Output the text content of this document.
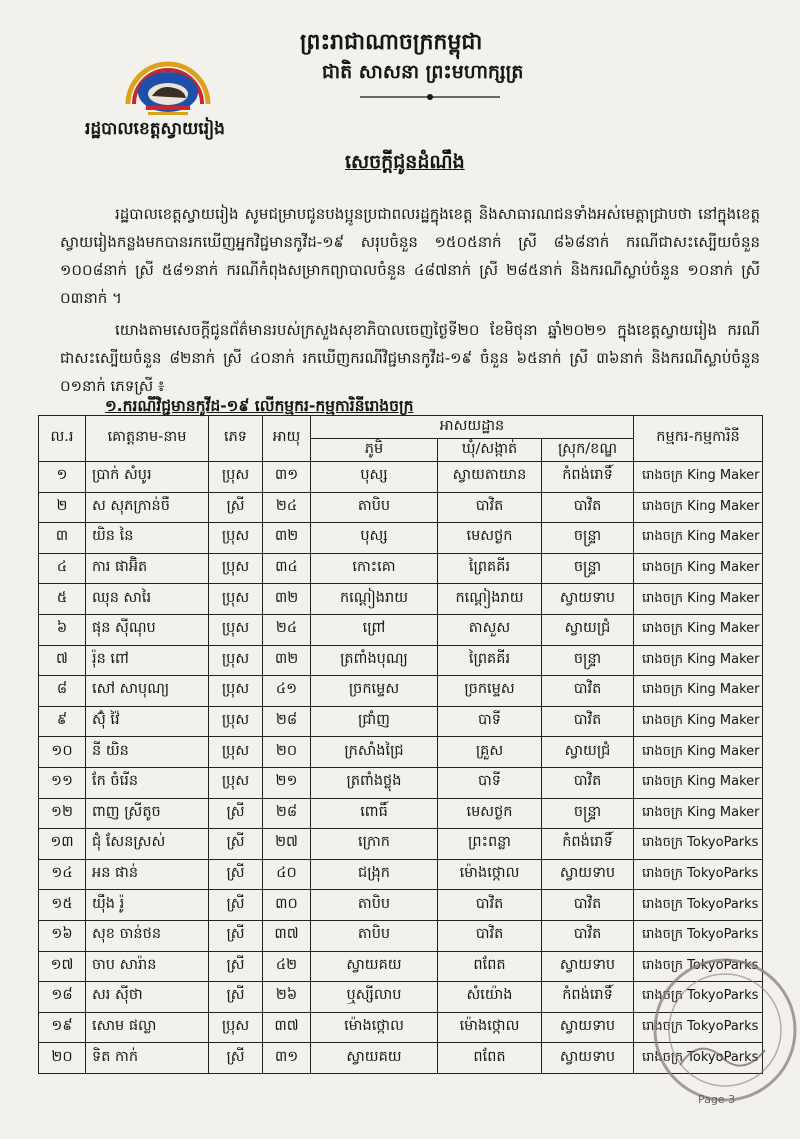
ព្រះរាជាណាចក្រកម្ពុជា
ជាតិ សាសនា ព្រះមហាក្សត្រ
រដ្ឋបាលខេត្តស្វាយរៀង
សេចក្តីជូនដំណឹង
រដ្ឋបាលខេត្តស្វាយរៀង សូមជម្រាបជូនបងប្អូនប្រជាពលរដ្ឋក្នុងខេត្ត និងសាធារណជនទាំងអស់មេត្តាជ្រាបថា នៅក្នុងខេត្តស្វាយរៀងកន្លងមកបានរកឃើញអ្នកវិជ្ជមានកូវីដ-១៩ សរុបចំនួន ១៥០៥នាក់ ស្រី ៨៦៨នាក់ ករណីជាសះស្បើយចំនួន ១០០៨នាក់ ស្រី ៥៨១នាក់ ករណីកំពុងសម្រាកព្យាបាលចំនួន ៤៨៧នាក់ ស្រី ២៨៥នាក់ និងករណីស្លាប់ចំនួន ១០នាក់ ស្រី ០៣នាក់ ។
យោងតាមសេចក្តីជូនព័ត៌មានរបស់ក្រសួងសុខាភិបាលចេញថ្ងៃទី២០ ខែមិថុនា ឆ្នាំ២០២១ ក្នុងខេត្តស្វាយរៀង ករណីជាសះស្បើយចំនួន ៨២នាក់ ស្រី ៤០នាក់ រកឃើញករណីវិជ្ជមានកូវីដ-១៩ ចំនួន ៦៥នាក់ ស្រី ៣៦នាក់ និងករណីស្លាប់ចំនួន ០១នាក់ ភេទស្រី ៖
១.ករណីវិជ្ជមានកូវីដ-១៩ លើកម្មករ-កម្មការិនីរោងចក្រ
ល.រ	គោត្តនាម-នាម	ភេទ	អាយុ	អាសយដ្ឋាន			កម្មករ-កម្មការិនី
				ភូមិ	ឃុំ/សង្កាត់	ស្រុក/ខណ្ឌ	
១	ប្រាក់ សំបូរ	ប្រុស	៣១	បុស្ស	ស្វាយតាយាន	កំពង់រោទិ៍	រោងចក្រ King Maker
២	ស សុភក្រាន់ចឺ	ស្រី	២៤	តាបិប	បាវិត	បាវិត	រោងចក្រ King Maker
៣	យិន នៃ	ប្រុស	៣២	បុស្ស	មេសថ្ងក	ចន្ទ្រា	រោងចក្រ King Maker
៤	ការ ផាអ៊ិត	ប្រុស	៣៤	កោះគោ	ព្រៃគគីរ	ចន្ទ្រា	រោងចក្រ King Maker
៥	ឈុន សារៃ	ប្រុស	៣២	កណ្តៀងរាយ	កណ្តៀងរាយ	ស្វាយទាប	រោងចក្រ King Maker
៦	ផុន ស៊ីណុប	ប្រុស	២៤	ព្រៅ	តាសួស	ស្វាយជ្រំ	រោងចក្រ King Maker
៧	រ៉ុន ពៅ	ប្រុស	៣២	ត្រពាំងបុណ្យ	ព្រៃគគីរ	ចន្ទ្រា	រោងចក្រ King Maker
៨	សៅ សាបុណ្យ	ប្រុស	៤១	ច្រកម្ទេស	ច្រកម្ទេស	បាវិត	រោងចក្រ King Maker
៩	ស៊ុំ វ៉ៃ	ប្រុស	២៨	ជ្រាំញ	បាទី	បាវិត	រោងចក្រ King Maker
១០	នី យិន	ប្រុស	២០	ក្រសាំងជ្រៃ	គ្រួស	ស្វាយជ្រំ	រោងចក្រ King Maker
១១	កែ ចំរើន	ប្រុស	២១	ត្រពាំងថ្លុង	បាទី	បាវិត	រោងចក្រ King Maker
១២	ពាញ ស្រីតូច	ស្រី	២៨	ពោធិ៍	មេសថ្ងក	ចន្ទ្រា	រោងចក្រ King Maker
១៣	ជុំ សែនស្រស់	ស្រី	២៧	ក្រោក	ព្រះពន្លា	កំពង់រោទិ៍	រោងចក្រ TokyoParks
១៤	អន ផាន់	ស្រី	៤០	ជង្រុក	ម៉ោងថ្កោល	ស្វាយទាប	រោងចក្រ TokyoParks
១៥	យ៉ឹង រ៉ូ	ស្រី	៣០	តាបិប	បាវិត	បាវិត	រោងចក្រ TokyoParks
១៦	សុខ ចាន់ថន	ស្រី	៣៧	តាបិប	បាវិត	បាវិត	រោងចក្រ TokyoParks
១៧	ចាប សារ៉ាន	ស្រី	៤២	ស្វាយគយ	ពពែត	ស្វាយទាប	រោងចក្រ TokyoParks
១៨	សរ ស៊ីថា	ស្រី	២៦	ឬស្សីលាប	សំយ៉ោង	កំពង់រោទិ៍	រោងចក្រ TokyoParks
១៩	សោម ផល្លា	ប្រុស	៣៧	ម៉ោងថ្កោល	ម៉ោងថ្កោល	ស្វាយទាប	រោងចក្រ TokyoParks
២០	ទិត កាក់	ស្រី	៣១	ស្វាយគយ	ពពែត	ស្វាយទាប	រោងចក្រ TokyoParks
Page 3
